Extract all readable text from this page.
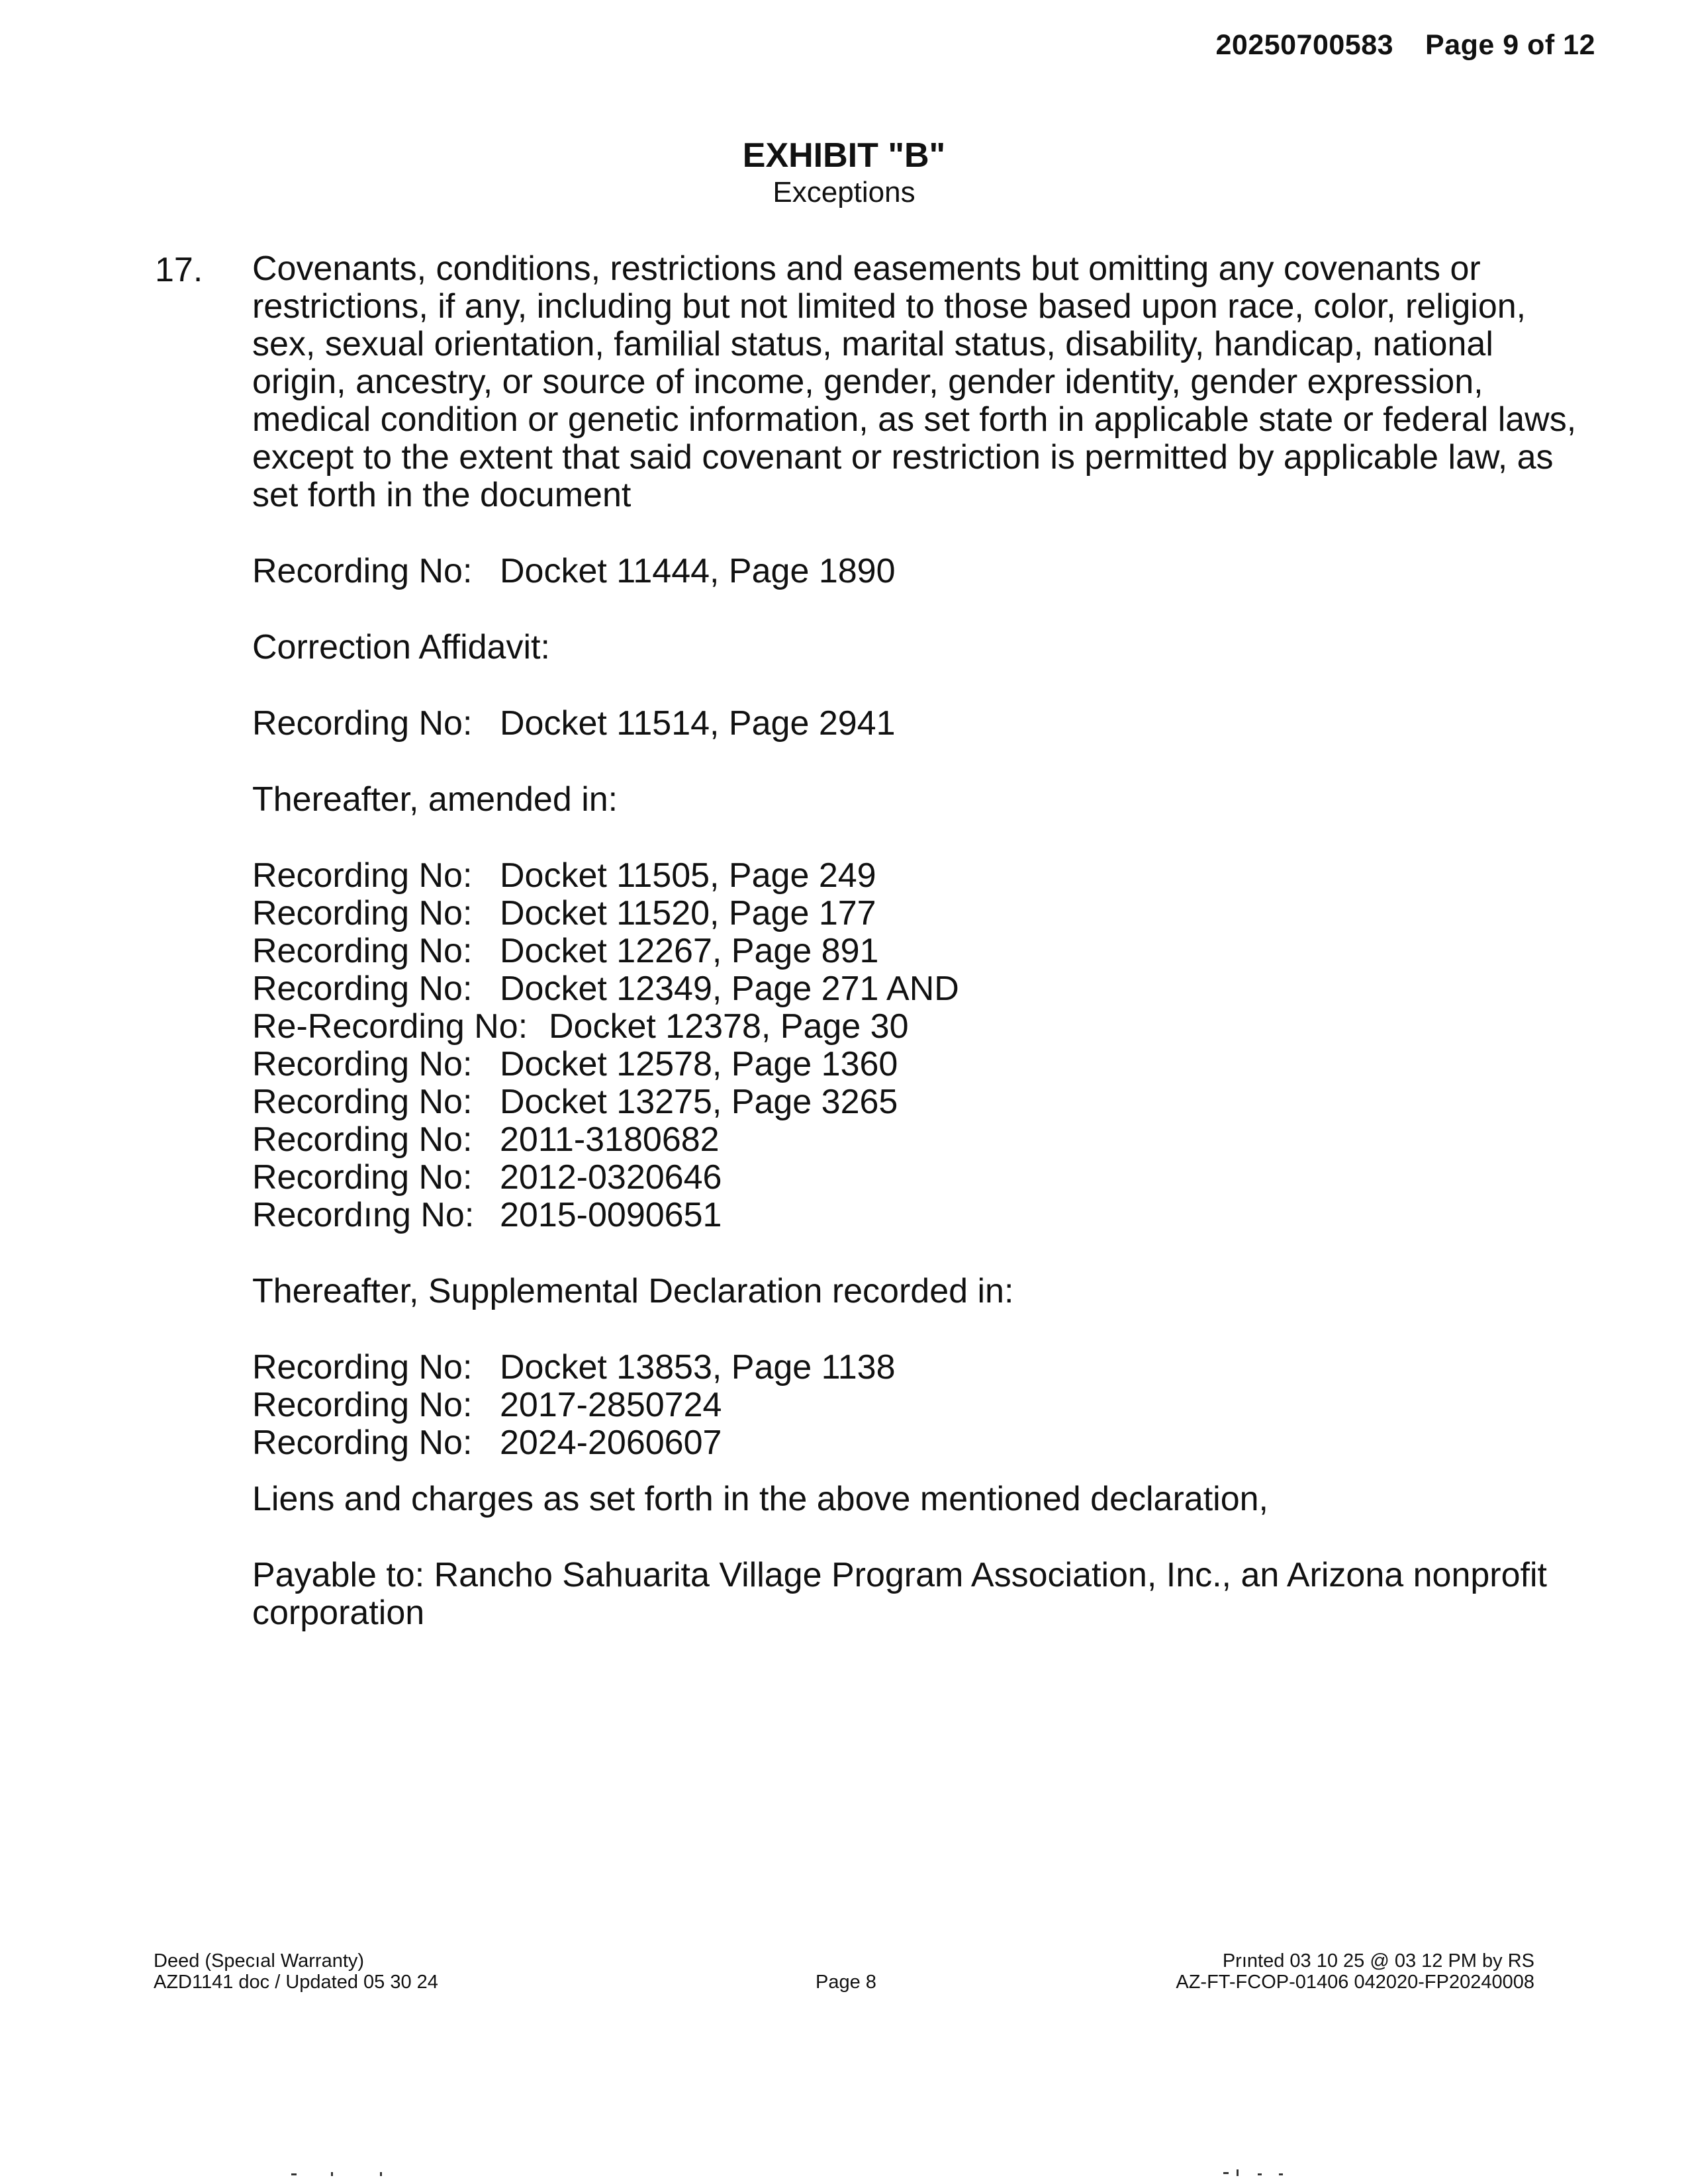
20250700583 Page 9 of 12
EXHIBIT "B"
Exceptions
17. Covenants, conditions, restrictions and easements but omitting any covenants or
restrictions, if any, including but not limited to those based upon race, color, religion,
sex, sexual orientation, familial status, marital status, disability, handicap, national
origin, ancestry, or source of income, gender, gender identity, gender expression,
medical condition or genetic information, as set forth in applicable state or federal laws,
except to the extent that said covenant or restriction is permitted by applicable law, as
set forth in the document
Recording No: Docket 11444, Page 1890
Correction Affidavit:
Recording No: Docket 11514, Page 2941
Thereafter, amended in:
Recording No: Docket 11505, Page 249
Recording No: Docket 11520, Page 177
Recording No: Docket 12267, Page 891
Recording No: Docket 12349, Page 271 AND
Re-Recording No: Docket 12378, Page 30
Recording No: Docket 12578, Page 1360
Recording No: Docket 13275, Page 3265
Recording No: 2011-3180682
Recording No: 2012-0320646
Recordıng No: 2015-0090651
Thereafter, Supplemental Declaration recorded in:
Recording No: Docket 13853, Page 1138
Recording No: 2017-2850724
Recording No: 2024-2060607
Liens and charges as set forth in the above mentioned declaration,
Payable to: Rancho Sahuarita Village Program Association, Inc., an Arizona nonprofit
corporation
Deed (Specıal Warranty)
AZD1141 doc / Updated 05 30 24	Page 8
Prınted 03 10 25 @ 03 12 PM by RS
AZ-FT-FCOP-01406 042020-FP20240008
